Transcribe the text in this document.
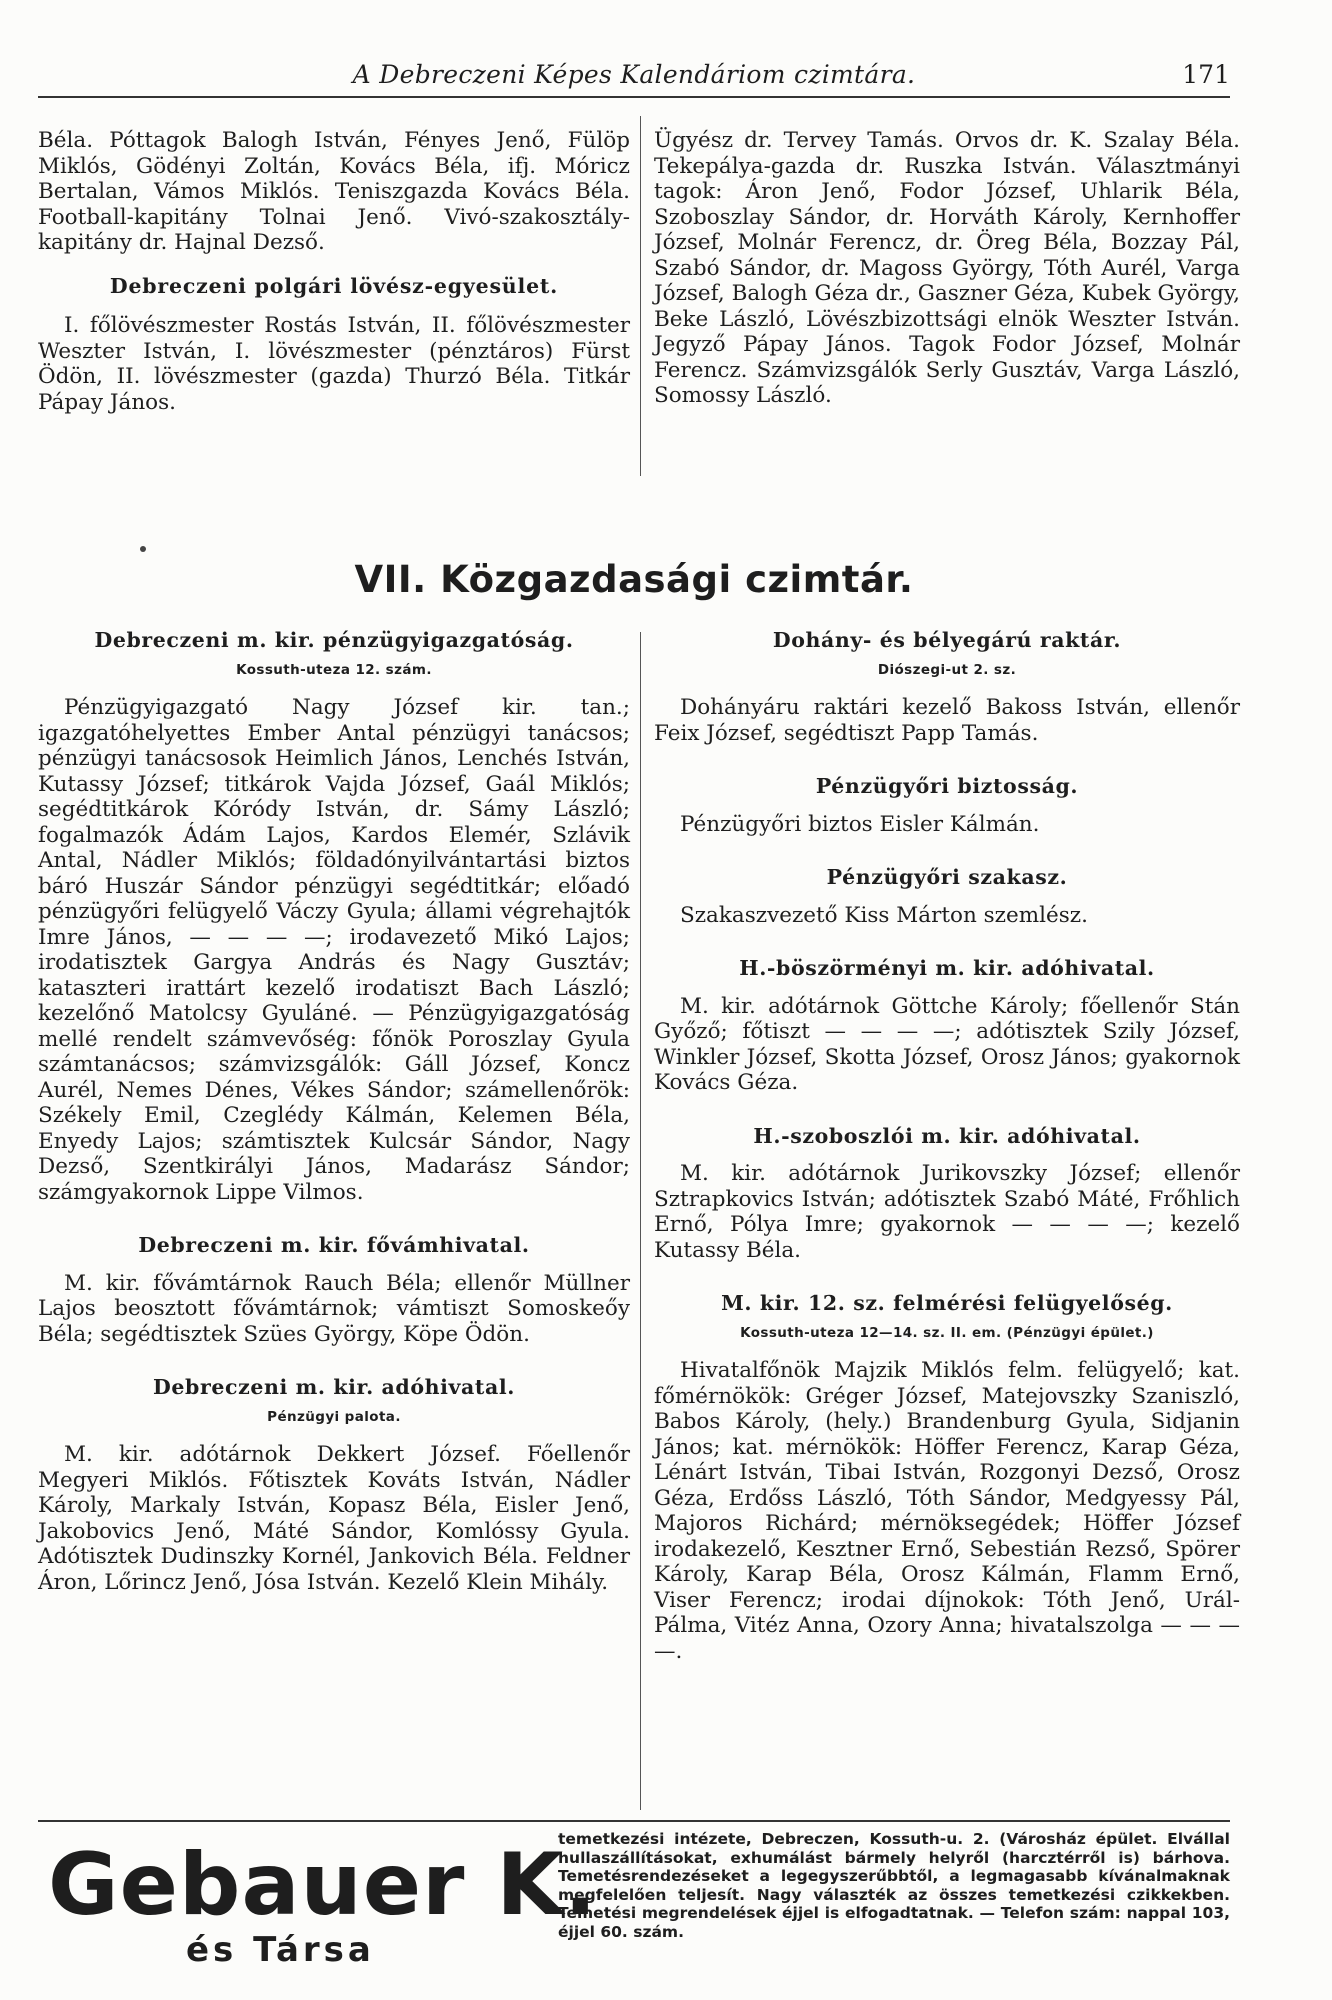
A Debreczeni Képes Kalendáriom czimtára.	171

Béla. Póttagok Balogh István, Fényes Jenő, Fülöp Miklós, Gödényi Zoltán, Kovács Béla, ifj. Móricz Bertalan, Vámos Miklós. Teniszgazda Kovács Béla. Football-kapitány Tolnai Jenő. Vivó-szakosztály-kapitány dr. Hajnal Dezső.

Debreczeni polgári lövész-egyesület.

I. főlövészmester Rostás István, II. főlövészmester Weszter István, I. lövészmester (pénztáros) Fürst Ödön, II. lövészmester (gazda) Thurzó Béla. Titkár Pápay János.

Ügyész dr. Tervey Tamás. Orvos dr. K. Szalay Béla. Tekepálya-gazda dr. Ruszka István. Választmányi tagok: Áron Jenő, Fodor József, Uhlarik Béla, Szoboszlay Sándor, dr. Horváth Károly, Kernhoffer József, Molnár Ferencz, dr. Öreg Béla, Bozzay Pál, Szabó Sándor, dr. Magoss György, Tóth Aurél, Varga József, Balogh Géza dr., Gaszner Géza, Kubek György, Beke László, Lövészbizottsági elnök Weszter István. Jegyző Pápay János. Tagok Fodor József, Molnár Ferencz. Számvizsgálók Serly Gusztáv, Varga László, Somossy László.

VII. Közgazdasági czimtár.
Debreczeni m. kir. pénzügyigazgatóság.
Kossuth-uteza 12. szám.

Pénzügyigazgató Nagy József kir. tan.; igazgatóhelyettes Ember Antal pénzügyi tanácsos; pénzügyi tanácsosok Heimlich János, Lenchés István, Kutassy József; titkárok Vajda József, Gaál Miklós; segédtitkárok Kóródy István, dr. Sámy László; fogalmazók Ádám Lajos, Kardos Elemér, Szlávik Antal, Nádler Miklós; földadónyilvántartási biztos báró Huszár Sándor pénzügyi segédtitkár; előadó pénzügyőri felügyelő Váczy Gyula; állami végrehajtók Imre János, — — — —; irodavezető Mikó Lajos; irodatisztek Gargya András és Nagy Gusztáv; kataszteri irattárt kezelő irodatiszt Bach László; kezelőnő Matolcsy Gyuláné. — Pénzügyigazgatóság mellé rendelt számvevőség: főnök Poroszlay Gyula számtanácsos; számvizsgálók: Gáll József, Koncz Aurél, Nemes Dénes, Vékes Sándor; számellenőrök: Székely Emil, Czeglédy Kálmán, Kelemen Béla, Enyedy Lajos; számtisztek Kulcsár Sándor, Nagy Dezső, Szentkirályi János, Madarász Sándor; számgyakornok Lippe Vilmos.

Debreczeni m. kir. fővámhivatal.

M. kir. fővámtárnok Rauch Béla; ellenőr Müllner Lajos beosztott fővámtárnok; vámtiszt Somoskeőy Béla; segédtisztek Szües György, Köpe Ödön.

Debreczeni m. kir. adóhivatal.
Pénzügyi palota.

M. kir. adótárnok Dekkert József. Főellenőr Megyeri Miklós. Főtisztek Kováts István, Nádler Károly, Markaly István, Kopasz Béla, Eisler Jenő, Jakobovics Jenő, Máté Sándor, Komlóssy Gyula. Adótisztek Dudinszky Kornél, Jankovich Béla. Feldner Áron, Lőrincz Jenő, Jósa István. Kezelő Klein Mihály.

Dohány- és bélyegárú raktár.
Diószegi-ut 2. sz.

Dohányáru raktári kezelő Bakoss István, ellenőr Feix József, segédtiszt Papp Tamás.

Pénzügyőri biztosság.

Pénzügyőri biztos Eisler Kálmán.

Pénzügyőri szakasz.

Szakaszvezető Kiss Márton szemlész.

H.-böszörményi m. kir. adóhivatal.

M. kir. adótárnok Göttche Károly; főellenőr Stán Győző; főtiszt — — — —; adótisztek Szily József, Winkler József, Skotta József, Orosz János; gyakornok Kovács Géza.

H.-szoboszlói m. kir. adóhivatal.

M. kir. adótárnok Jurikovszky József; ellenőr Sztrapkovics István; adótisztek Szabó Máté, Frőhlich Ernő, Pólya Imre; gyakornok — — — —; kezelő Kutassy Béla.

M. kir. 12. sz. felmérési felügyelőség.
Kossuth-uteza 12—14. sz. II. em. (Pénzügyi épület.)

Hivatalfőnök Majzik Miklós felm. felügyelő; kat. főmérnökök: Gréger József, Matejovszky Szaniszló, Babos Károly, (hely.) Brandenburg Gyula, Sidjanin János; kat. mérnökök: Höffer Ferencz, Karap Géza, Lénárt István, Tibai István, Rozgonyi Dezső, Orosz Géza, Erdőss László, Tóth Sándor, Medgyessy Pál, Majoros Richárd; mérnöksegédek; Höffer József irodakezelő, Kesztner Ernő, Sebestián Rezső, Spörer Károly, Karap Béla, Orosz Kálmán, Flamm Ernő, Viser Ferencz; irodai díjnokok: Tóth Jenő, Urál-Pálma, Vitéz Anna, Ozory Anna; hivatalszolga — — — —.

Gebauer K.
és Társa
temetkezési intézete, Debreczen, Kossuth-u. 2. (Városház épület. Elvállal hullaszállításokat, exhumálást bármely helyről (harcztérről is) bárhova. Temetésrendezéseket a legegyszerűbbtől, a legmagasabb kívánalmaknak megfelelően teljesít. Nagy választék az összes temetkezési czikkekben. Temetési megrendelések éjjel is elfogadtatnak. — Telefon szám: nappal 103, éjjel 60. szám.
